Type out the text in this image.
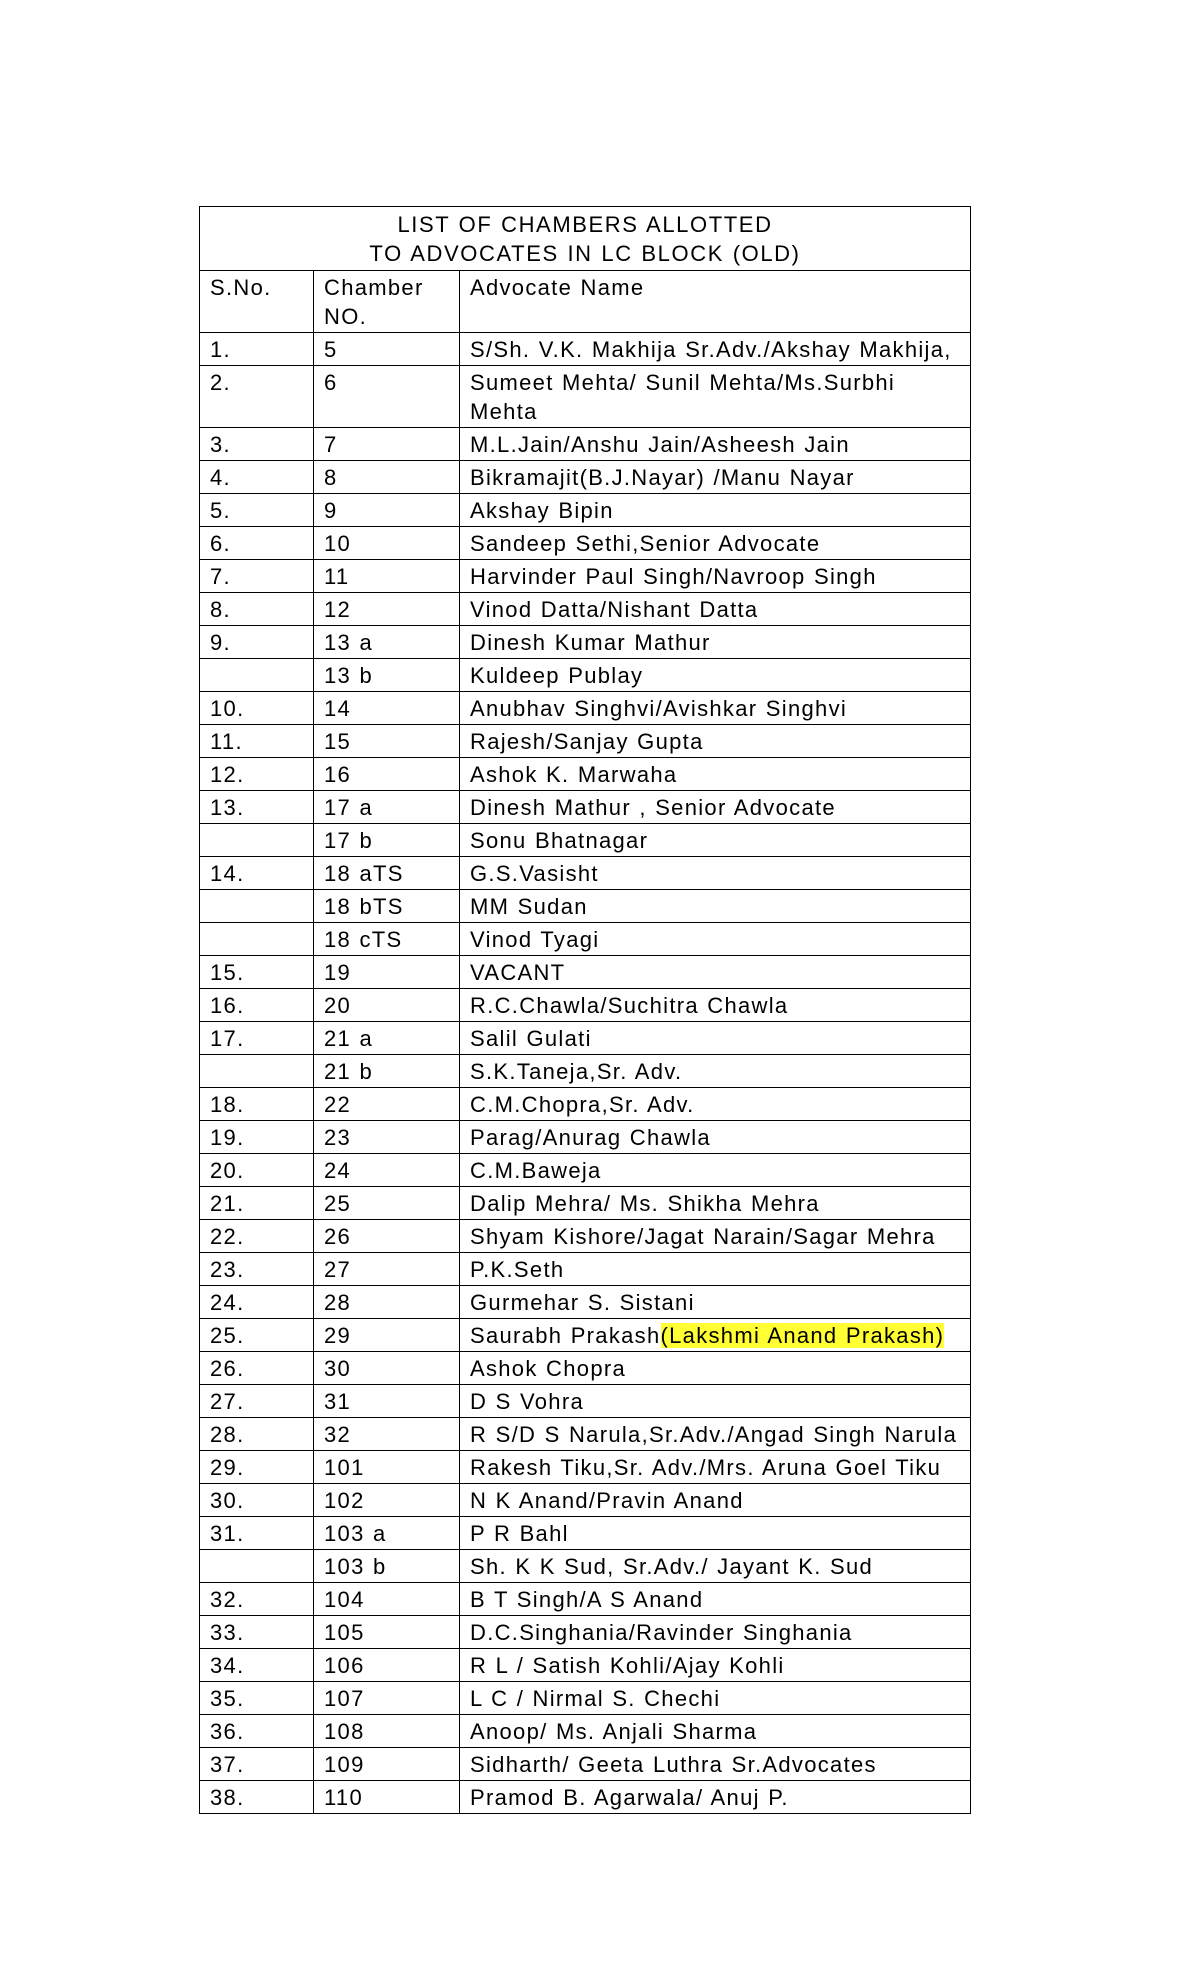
LIST OF CHAMBERS ALLOTTED
TO ADVOCATES IN LC BLOCK (OLD)		
S.No.	Chamber NO.	Advocate Name
1.	5	S/Sh. V.K. Makhija Sr.Adv./Akshay Makhija,
2.	6	Sumeet Mehta/ Sunil Mehta/Ms.Surbhi Mehta
3.	7	M.L.Jain/Anshu Jain/Asheesh Jain
4.	8	Bikramajit(B.J.Nayar) /Manu Nayar
5.	9	Akshay Bipin
6.	10	Sandeep Sethi,Senior Advocate
7.	11	Harvinder Paul Singh/Navroop Singh
8.	12	Vinod Datta/Nishant Datta
9.	13 a	Dinesh Kumar Mathur
	13 b	Kuldeep Publay
10.	14	Anubhav Singhvi/Avishkar Singhvi
11.	15	Rajesh/Sanjay Gupta
12.	16	Ashok K. Marwaha
13.	17 a	Dinesh Mathur , Senior Advocate
	17 b	Sonu Bhatnagar
14.	18 aTS	G.S.Vasisht
	18 bTS	MM Sudan
	18 cTS	Vinod Tyagi
15.	19	VACANT
16.	20	R.C.Chawla/Suchitra Chawla
17.	21 a	Salil Gulati
	21 b	S.K.Taneja,Sr. Adv.
18.	22	C.M.Chopra,Sr. Adv.
19.	23	Parag/Anurag Chawla
20.	24	C.M.Baweja
21.	25	Dalip Mehra/ Ms. Shikha Mehra
22.	26	Shyam Kishore/Jagat Narain/Sagar Mehra
23.	27	P.K.Seth
24.	28	Gurmehar S. Sistani
25.	29	Saurabh Prakash(Lakshmi Anand Prakash)
26.	30	Ashok Chopra
27.	31	D S Vohra
28.	32	R S/D S Narula,Sr.Adv./Angad Singh Narula
29.	101	Rakesh Tiku,Sr. Adv./Mrs. Aruna Goel Tiku
30.	102	N K Anand/Pravin Anand
31.	103 a	P R Bahl
	103 b	Sh. K K Sud, Sr.Adv./ Jayant K. Sud
32.	104	B T Singh/A S Anand
33.	105	D.C.Singhania/Ravinder Singhania
34.	106	R L / Satish Kohli/Ajay Kohli
35.	107	L C / Nirmal S. Chechi
36.	108	Anoop/ Ms. Anjali Sharma
37.	109	Sidharth/ Geeta Luthra Sr.Advocates
38.	110	Pramod B. Agarwala/ Anuj P.
